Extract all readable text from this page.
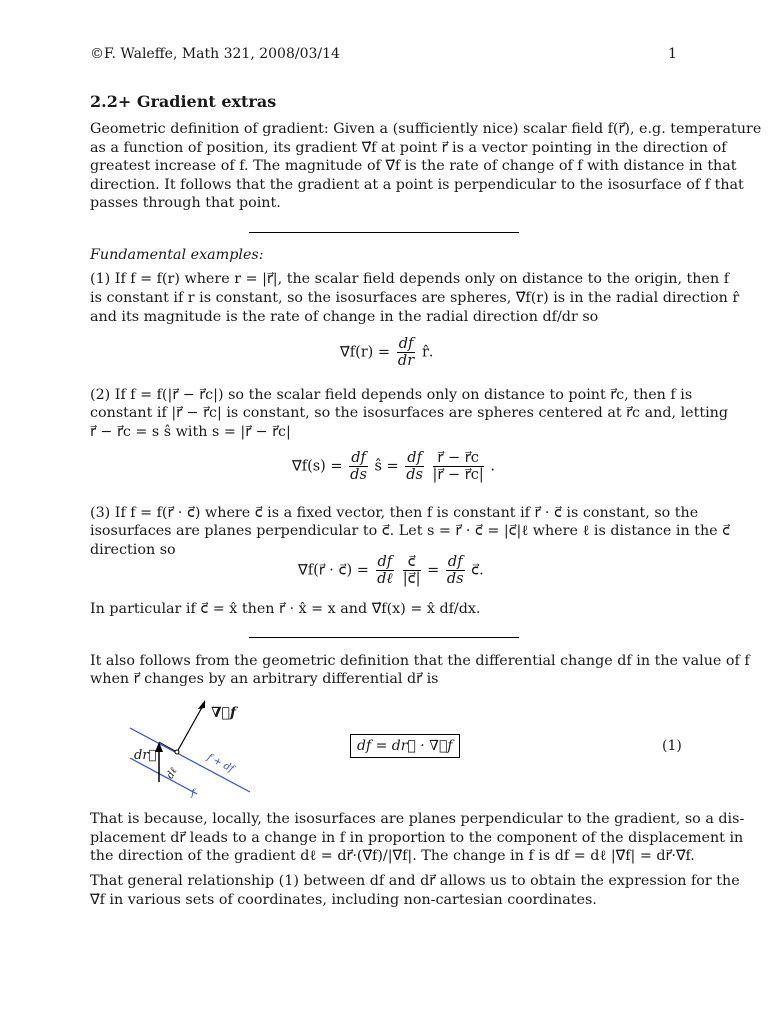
©F. Waleffe, Math 321, 2008/03/14	1
2.2+ Gradient extras
Geometric definition of gradient: Given a (sufficiently nice) scalar field f(r⃗), e.g. temperature
as a function of position, its gradient ∇⃗f at point r⃗ is a vector pointing in the direction of
greatest increase of f. The magnitude of ∇⃗f is the rate of change of f with distance in that
direction. It follows that the gradient at a point is perpendicular to the isosurface of f that
passes through that point.
Fundamental examples:
(1) If f = f(r) where r = |r⃗|, the scalar field depends only on distance to the origin, then f
is constant if r is constant, so the isosurfaces are spheres, ∇⃗f(r) is in the radial direction r̂
and its magnitude is the rate of change in the radial direction df/dr so
∇⃗f(r) = $\frac{df}{dr}$ r̂.
(2) If f = f(|r⃗ − r⃗c|) so the scalar field depends only on distance to point r⃗c, then f is
constant if |r⃗ − r⃗c| is constant, so the isosurfaces are spheres centered at r⃗c and, letting
r⃗ − r⃗c = s ŝ with s = |r⃗ − r⃗c|
∇⃗f(s) = $\frac{df}{ds}$ ŝ = $\frac{df}{ds}$
$\frac{r⃗ - r⃗c}{|r⃗ - r⃗c|}$ .
(3) If f = f(r⃗ · c⃗) where c⃗ is a fixed vector, then f is constant if r⃗ · c⃗ is constant, so the
isosurfaces are planes perpendicular to c⃗. Let s = r⃗ · c⃗ = |c⃗|ℓ where ℓ is distance in the c⃗
direction so
∇⃗f(r⃗ · c⃗) = $\frac{df}{\text{dℓ}}$
$\frac{c⃗}{|c⃗|} = \frac{df}{ds}$ c⃗.
In particular if c⃗ = x̂ then r⃗ · x̂ = x and ∇⃗f(x) = x̂ df/dx.
It also follows from the geometric definition that the differential change df in the value of f
when r⃗ changes by an arbitrary differential dr⃗ is
∇⃗f
dr⃗
dℓ	f + df
f
df = dr⃗ · ∇⃗f	(1)
That is because, locally, the isosurfaces are planes perpendicular to the gradient, so a dis-
placement dr⃗ leads to a change in f in proportion to the component of the displacement in
the direction of the gradient dℓ = dr⃗·(∇⃗f)/|∇⃗f|. The change in f is df = dℓ |∇⃗f| = dr⃗·∇⃗f.
That general relationship (1) between df and dr⃗ allows us to obtain the expression for the
∇⃗f in various sets of coordinates, including non-cartesian coordinates.
